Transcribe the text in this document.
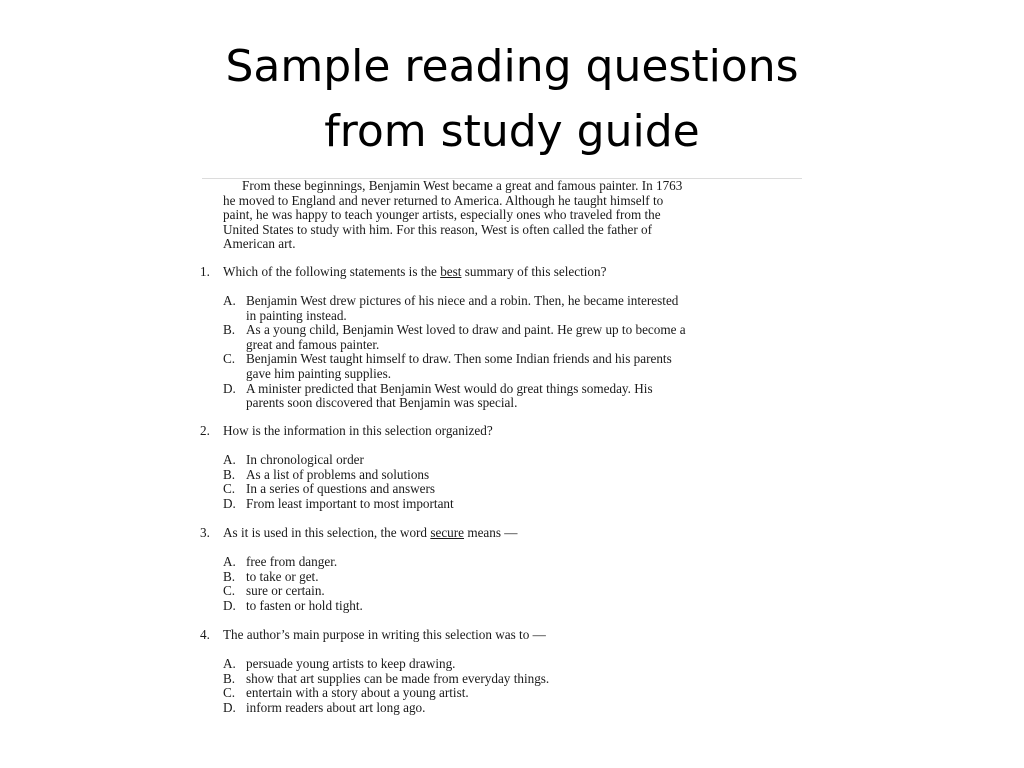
Sample reading questions
from study guide
From these beginnings, Benjamin West became a great and famous painter. In 1763
he moved to England and never returned to America. Although he taught himself to
paint, he was happy to teach younger artists, especially ones who traveled from the
United States to study with him. For this reason, West is often called the father of
American art.
1. Which of the following statements is the best summary of this selection?
A. Benjamin West drew pictures of his niece and a robin. Then, he became interested
in painting instead.
B. As a young child, Benjamin West loved to draw and paint. He grew up to become a
great and famous painter.
C. Benjamin West taught himself to draw. Then some Indian friends and his parents
gave him painting supplies.
D. A minister predicted that Benjamin West would do great things someday. His
parents soon discovered that Benjamin was special.
2. How is the information in this selection organized?
A. In chronological order
B. As a list of problems and solutions
C. In a series of questions and answers
D. From least important to most important
3. As it is used in this selection, the word secure means —
A. free from danger.
B. to take or get.
C. sure or certain.
D. to fasten or hold tight.
4. The author’s main purpose in writing this selection was to —
A. persuade young artists to keep drawing.
B. show that art supplies can be made from everyday things.
C. entertain with a story about a young artist.
D. inform readers about art long ago.
